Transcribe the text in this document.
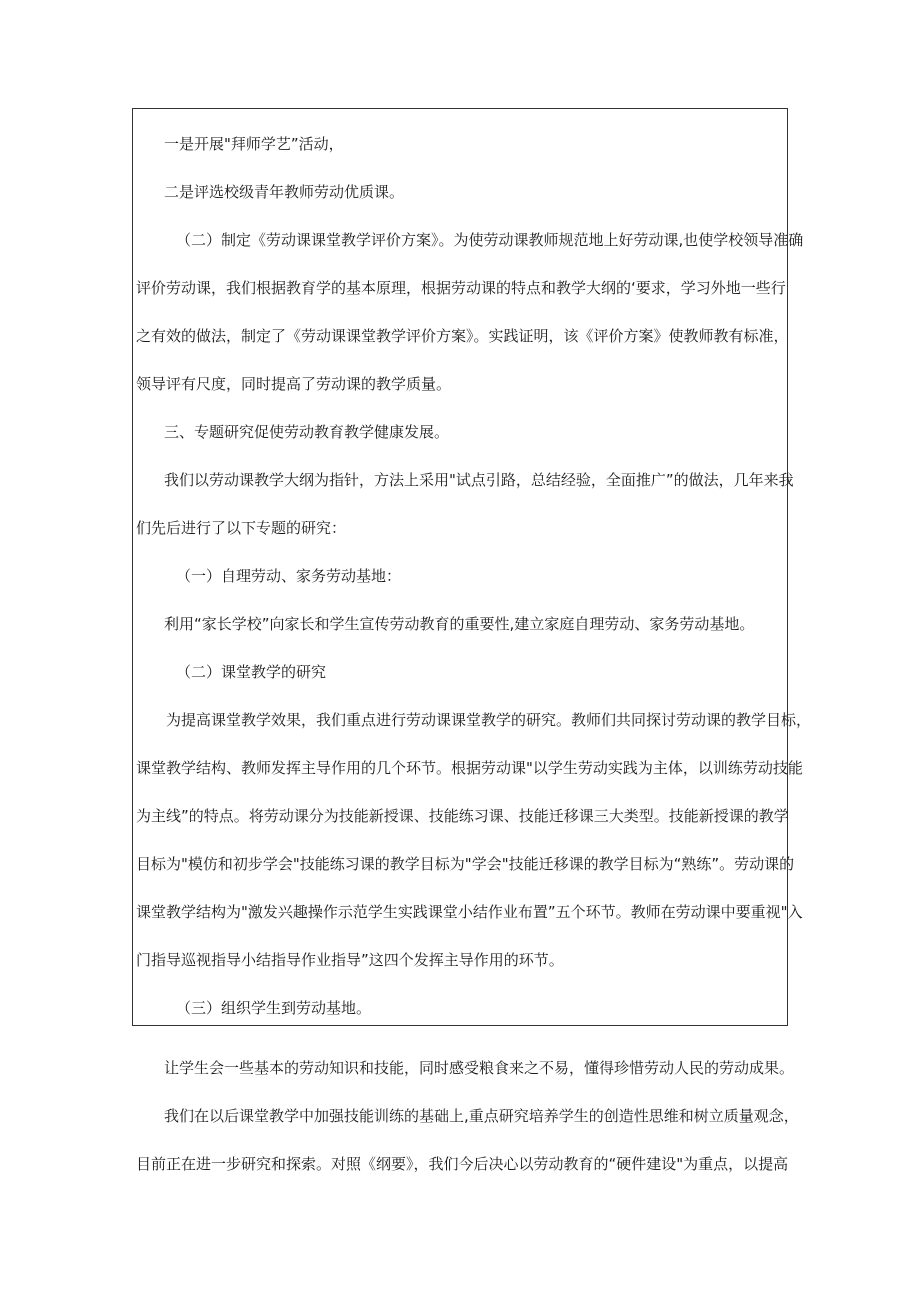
一是开展"拜师学艺”活动，
二是评选校级青年教师劳动优质课。
（二）制定《劳动课课堂教学评价方案》。为使劳动课教师规范地上好劳动课,也使学校领导准确
评价劳动课，我们根据教育学的基本原理，根据劳动课的特点和教学大纲的‘要求，学习外地一些行
之有效的做法，制定了《劳动课课堂教学评价方案》。实践证明，该《评价方案》使教师教有标准，
领导评有尺度，同时提高了劳动课的教学质量。
三、专题研究促使劳动教育教学健康发展。
我们以劳动课教学大纲为指针，方法上采用"试点引路，总结经验，全面推广”的做法，几年来我
们先后进行了以下专题的研究：
（一）自理劳动、家务劳动基地：
利用“家长学校”向家长和学生宣传劳动教育的重要性,建立家庭自理劳动、家务劳动基地。
（二）课堂教学的研究
为提高课堂教学效果，我们重点进行劳动课课堂教学的研究。教师们共同探讨劳动课的教学目标，
课堂教学结构、教师发挥主导作用的几个环节。根据劳动课"以学生劳动实践为主体，以训练劳动技能
为主线”的特点。将劳动课分为技能新授课、技能练习课、技能迁移课三大类型。技能新授课的教学
目标为"模仿和初步学会"技能练习课的教学目标为"学会"技能迁移课的教学目标为“熟练”。劳动课的
课堂教学结构为"激发兴趣操作示范学生实践课堂小结作业布置”五个环节。教师在劳动课中要重视"入
门指导巡视指导小结指导作业指导”这四个发挥主导作用的环节。
（三）组织学生到劳动基地。
让学生会一些基本的劳动知识和技能，同时感受粮食来之不易，懂得珍惜劳动人民的劳动成果。
我们在以后课堂教学中加强技能训练的基础上,重点研究培养学生的创造性思维和树立质量观念，
目前正在进一步研究和探索。对照《纲要》，我们今后决心以劳动教育的“硬件建设"为重点，以提高
